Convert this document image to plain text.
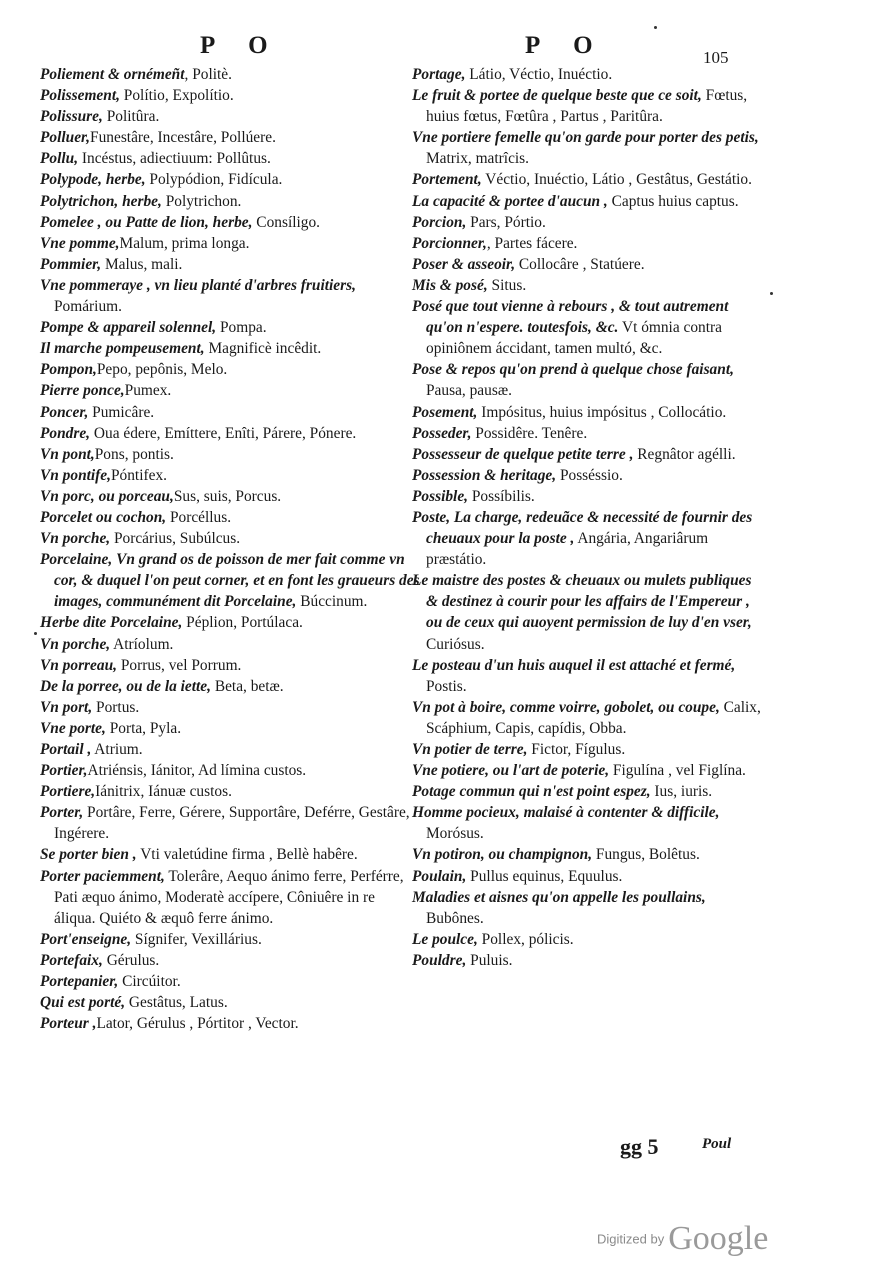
P O	P O	105

Poliement & ornémeñt, Politè.

Polissement, Polítio, Expolítio.

Polissure, Politûra.

Polluer,Funestâre, Incestâre, Pollúere.

Pollu, Incéstus, adiectiuum: Pollûtus.

Polypode, herbe, Polypódion, Fidícula.

Polytrichon, herbe, Polytrichon.

Pomelee , ou Patte de lion, herbe, Consíligo.

Vne pomme,Malum, prima longa.

Pommier, Malus, mali.

Vne pommeraye , vn lieu planté d'arbres fruitiers, Pomárium.

Pompe & appareil solennel, Pompa.

Il marche pompeusement, Magnificè incêdit.

Pompon,Pepo, pepônis, Melo.

Pierre ponce,Pumex.

Poncer, Pumicâre.

Pondre, Oua édere, Emíttere, Enîti, Párere, Pónere.

Vn pont,Pons, pontis.

Vn pontife,Póntifex.

Vn porc, ou porceau,Sus, suis, Porcus.

Porcelet ou cochon, Porcéllus.

Vn porche, Porcárius, Subúlcus.

Porcelaine, Vn grand os de poisson de mer fait comme vn cor, & duquel l'on peut corner, et en font les graueurs des images, communément dit Porcelaine, Búccinum.

Herbe dite Porcelaine, Péplion, Portúlaca.

Vn porche, Atríolum.

Vn porreau, Porrus, vel Porrum.

De la porree, ou de la iette, Beta, betæ.

Vn port, Portus.

Vne porte, Porta, Pyla.

Portail , Atrium.

Portier,Atriénsis, Iánitor, Ad límina custos.

Portiere,Iánitrix, Iánuæ custos.

Porter, Portâre, Ferre, Gérere, Supportâre, Deférre, Gestâre, Ingérere.

Se porter bien , Vti valetúdine firma , Bellè habêre.

Porter paciemment, Tolerâre, Aequo ánimo ferre, Perférre, Pati æquo ánimo, Moderatè accípere, Côniuêre in re áliqua. Quiéto & æquô ferre ánimo.

Port'enseigne, Sígnifer, Vexillárius.

Portefaix, Gérulus.

Portepanier, Circúitor.

Qui est porté, Gestâtus, Latus.

Porteur ,Lator, Gérulus , Pórtitor , Vector.

Portage, Látio, Véctio, Inuéctio.

Le fruit & portee de quelque beste que ce soit, Fœtus, huius fœtus, Fœtûra , Partus , Paritûra.

Vne portiere femelle qu'on garde pour porter des petis, Matrix, matrîcis.

Portement, Véctio, Inuéctio, Látio , Gestâtus, Gestátio.

La capacité & portee d'aucun , Captus huius captus.

Porcion, Pars, Pórtio.

Porcionner,, Partes fácere.

Poser & asseoir, Collocâre , Statúere.

Mis & posé, Situs.

Posé que tout vienne à rebours , & tout autrement qu'on n'espere. toutesfois, &c. Vt ómnia contra opiniônem áccidant, tamen multó, &c.

Pose & repos qu'on prend à quelque chose faisant, Pausa, pausæ.

Posement, Impósitus, huius impósitus , Collocátio.

Posseder, Possidêre. Tenêre.

Possesseur de quelque petite terre , Regnâtor agélli.

Possession & heritage, Posséssio.

Possible, Possíbilis.

Poste, La charge, redeuãce & necessité de fournir des cheuaux pour la poste , Angária, Angariârum præstátio.

Le maistre des postes & cheuaux ou mulets publiques & destinez à courir pour les affairs de l'Empereur , ou de ceux qui auoyent permission de luy d'en vser, Curiósus.

Le posteau d'un huis auquel il est attaché et fermé, Postis.

Vn pot à boire, comme voirre, gobolet, ou coupe, Calix, Scáphium, Capis, capídis, Obba.

Vn potier de terre, Fictor, Fígulus.

Vne potiere, ou l'art de poterie, Figulína , vel Figlína.

Potage commun qui n'est point espez, Ius, iuris.

Homme pocieux, malaisé à contenter & difficile, Morósus.

Vn potiron, ou champignon, Fungus, Bolêtus.

Poulain, Pullus equinus, Equulus.

Maladies et aisnes qu'on appelle les poullains, Bubônes.

Le poulce, Pollex, pólicis.

Pouldre, Puluis.

gg 5	Poul
Digitized by Google
